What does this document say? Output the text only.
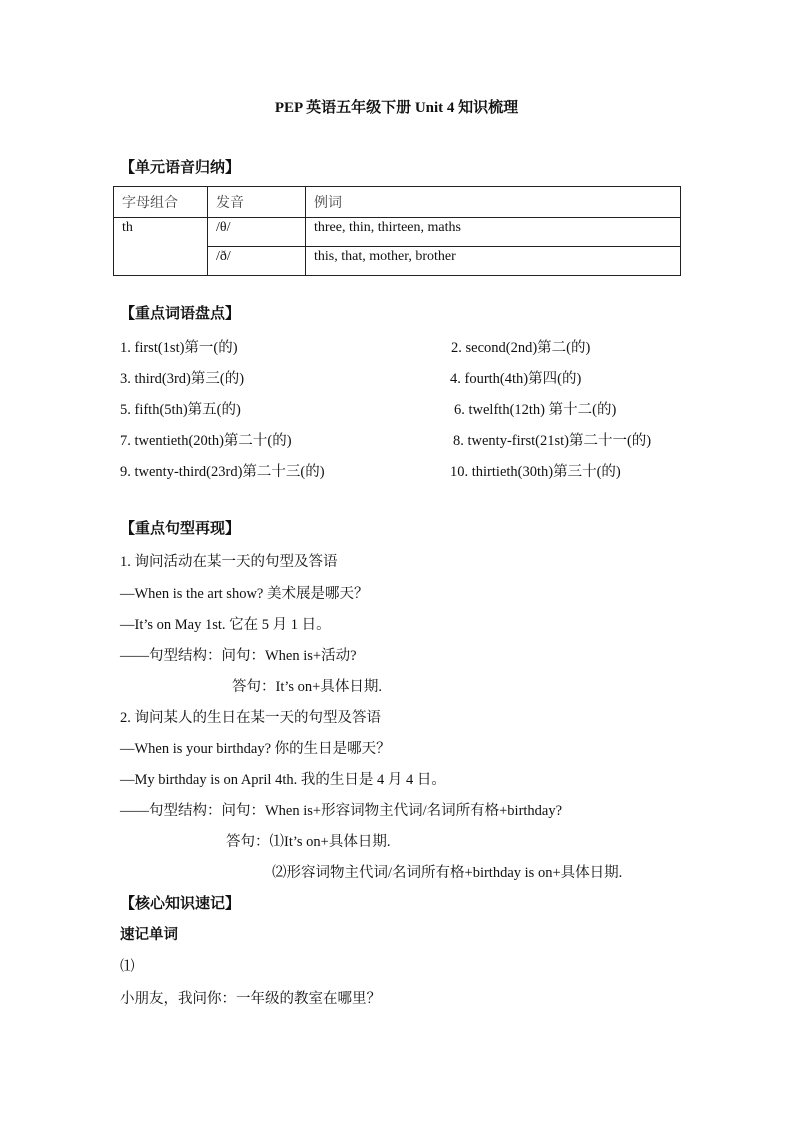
PEP 英语五年级下册 Unit 4 知识梳理
【单元语音归纳】
字母组合	发音	例词
th	/θ/	three, thin, thirteen, maths
	/ð/	this, that, mother, brother
【重点词语盘点】
1. first(1st)第一(的)	2. second(2nd)第二(的)
3. third(3rd)第三(的)	4. fourth(4th)第四(的)
5. fifth(5th)第五(的)	6. twelfth(12th) 第十二(的)
7. twentieth(20th)第二十(的)	8. twenty-first(21st)第二十一(的)
9. twenty-third(23rd)第二十三(的)	10. thirtieth(30th)第三十(的)
【重点句型再现】
1. 询问活动在某一天的句型及答语
—When is the art show? 美术展是哪天？
—It’s on May 1st. 它在 5 月 1 日。
——句型结构：问句：When is+活动?
答句：It’s on+具体日期.
2. 询问某人的生日在某一天的句型及答语
—When is your birthday? 你的生日是哪天？
—My birthday is on April 4th. 我的生日是 4 月 4 日。
——句型结构：问句：When is+形容词物主代词/名词所有格+birthday?
答句：⑴It’s on+具体日期.
⑵形容词物主代词/名词所有格+birthday is on+具体日期.
【核心知识速记】
速记单词
⑴
小朋友，我问你：一年级的教室在哪里？
